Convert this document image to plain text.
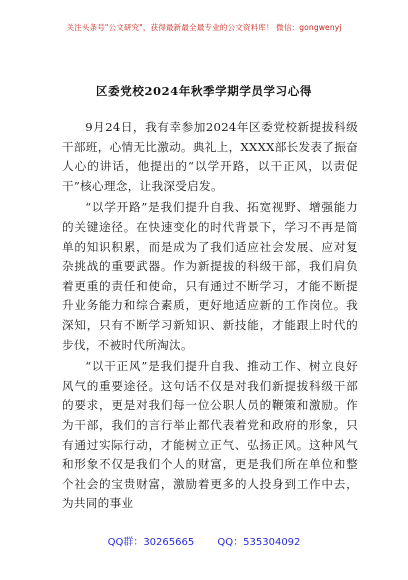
关注头条号"公文研究"，获得最新最全最专业的公文资料库！ 微信：gongwenyj
区委党校2024年秋季学期学员学习心得

9月24日，我有幸参加2024年区委党校新提拔科级干部班，心情无比激动。典礼上，XXXX部长发表了振奋人心的讲话，他提出的“以学开路，以干正风，以责促干”核心理念，让我深受启发。

“以学开路”是我们提升自我、拓宽视野、增强能力的关键途径。在快速变化的时代背景下，学习不再是简单的知识积累，而是成为了我们适应社会发展、应对复杂挑战的重要武器。作为新提拔的科级干部，我们肩负着更重的责任和使命，只有通过不断学习，才能不断提升业务能力和综合素质，更好地适应新的工作岗位。我深知，只有不断学习新知识、新技能，才能跟上时代的步伐，不被时代所淘汰。

“以干正风”是我们提升自我、推动工作、树立良好风气的重要途径。这句话不仅是对我们新提拔科级干部的要求，更是对我们每一位公职人员的鞭策和激励。作为干部，我们的言行举止都代表着党和政府的形象，只有通过实际行动，才能树立正气、弘扬正风。这种风气和形象不仅是我们个人的财富，更是我们所在单位和整个社会的宝贵财富，激励着更多的人投身到工作中去，为共同的事业

QQ群：30265665 QQ：535304092
